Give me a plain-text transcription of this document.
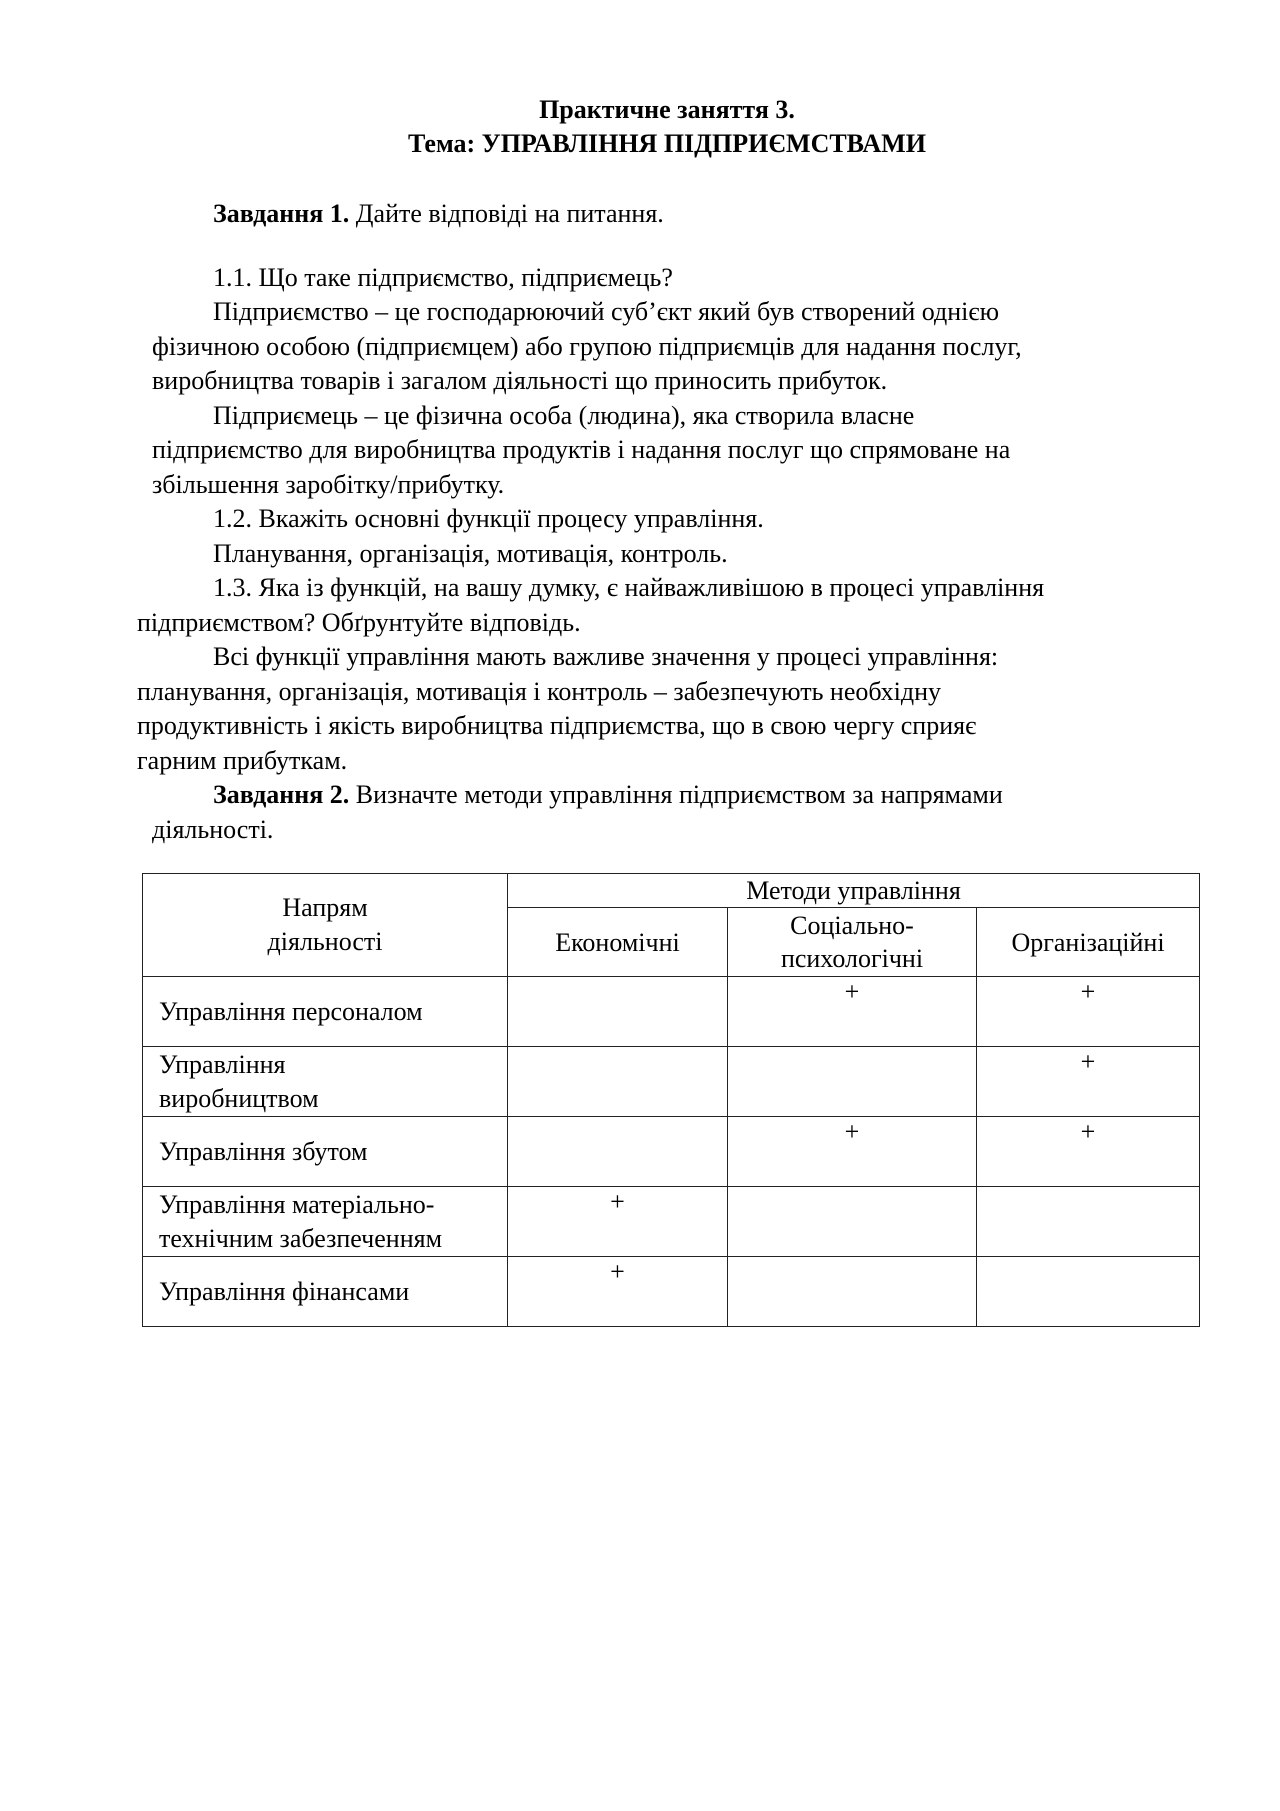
Практичне заняття 3.
Тема: УПРАВЛІННЯ ПІДПРИЄМСТВАМИ
Завдання 1. Дайте відповіді на питання.
1.1. Що таке підприємство, підприємець?
Підприємство – це господарюючий суб’єкт який був створений однією
фізичною особою (підприємцем) або групою підприємців для надання послуг,
виробництва товарів і загалом діяльності що приносить прибуток.
Підприємець – це фізична особа (людина), яка створила власне
підприємство для виробництва продуктів і надання послуг що спрямоване на
збільшення заробітку/прибутку.
1.2. Вкажіть основні функції процесу управління.
Планування, організація, мотивація, контроль.
1.3. Яка із функцій, на вашу думку, є найважливішою в процесі управління
підприємством? Обґрунтуйте відповідь.
Всі функції управління мають важливе значення у процесі управління:
планування, організація, мотивація і контроль – забезпечують необхідну
продуктивність і якість виробництва підприємства, що в свою чергу сприяє
гарним прибуткам.
Завдання 2. Визначте методи управління підприємством за напрямами
діяльності.
Напрям
діяльності	Методи управління		
	Економічні	Соціально-
психологічні	Організаційні

Управління персоналом		+	+

Управління
виробництвом			+

Управління збутом		+	+

Управління матеріально-
технічним забезпеченням	+		

Управління фінансами	+		
